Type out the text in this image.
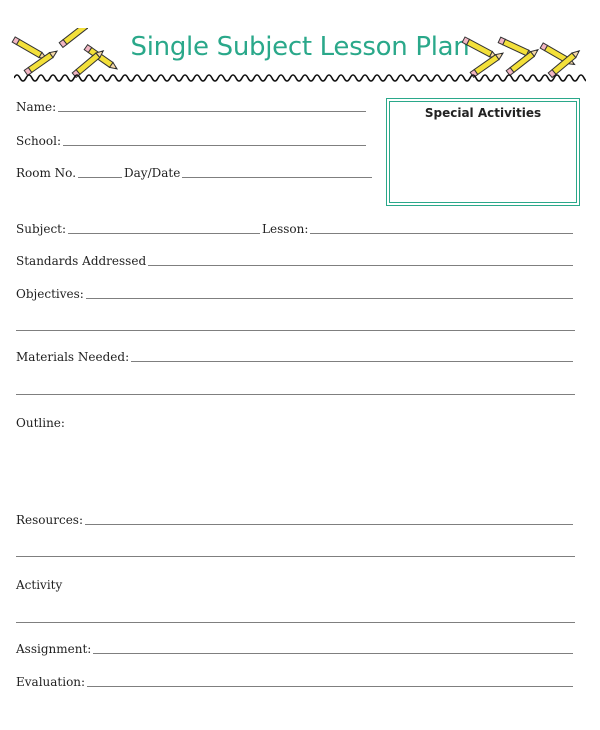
Single Subject Lesson Plan
Special Activities
Name:
School:
Room No.	Day/Date
Subject:	Lesson:
Standards Addressed
Objectives:
Materials Needed:
Outline:
Resources:
Activity
Assignment:
Evaluation:
